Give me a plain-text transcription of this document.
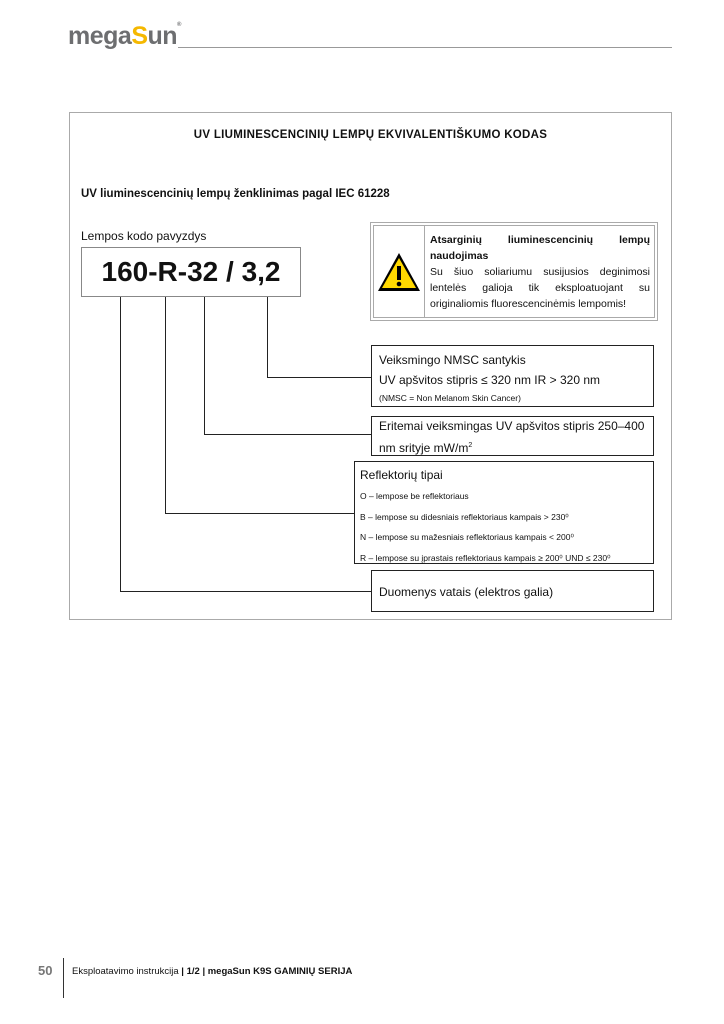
megaSun®
UV LIUMINESCENCINIŲ LEMPŲ EKVIVALENTIŠKUMO KODAS
UV liuminescencinių lempų ženklinimas pagal IEC 61228
Lempos kodo pavyzdys
160-R-32 / 3,2
Atsarginių liuminescencinių lempų naudojimas
Su šiuo soliariumu susijusios deginimosi lentelės galioja tik eksploatuojant su originaliomis fluorescencinėmis lempomis!
Veiksmingo NMSC santykis
UV apšvitos stipris ≤ 320 nm IR > 320 nm
(NMSC = Non Melanom Skin Cancer)
Eritemai veiksmingas UV apšvitos stipris 250–400 nm srityje $mW/m^2$
Reflektorių tipai
O – lempose be reflektoriaus
B – lempose su didesniais reflektoriaus kampais > 230⁰
N – lempose su mažesniais reflektoriaus kampais < 200⁰
R – lempose su įprastais reflektoriaus kampais ≥ 200⁰ UND ≤ 230⁰
Duomenys vatais (elektros galia)
50 Eksploatavimo instrukcija | 1/2 | megaSun K9S GAMINIŲ SERIJA
